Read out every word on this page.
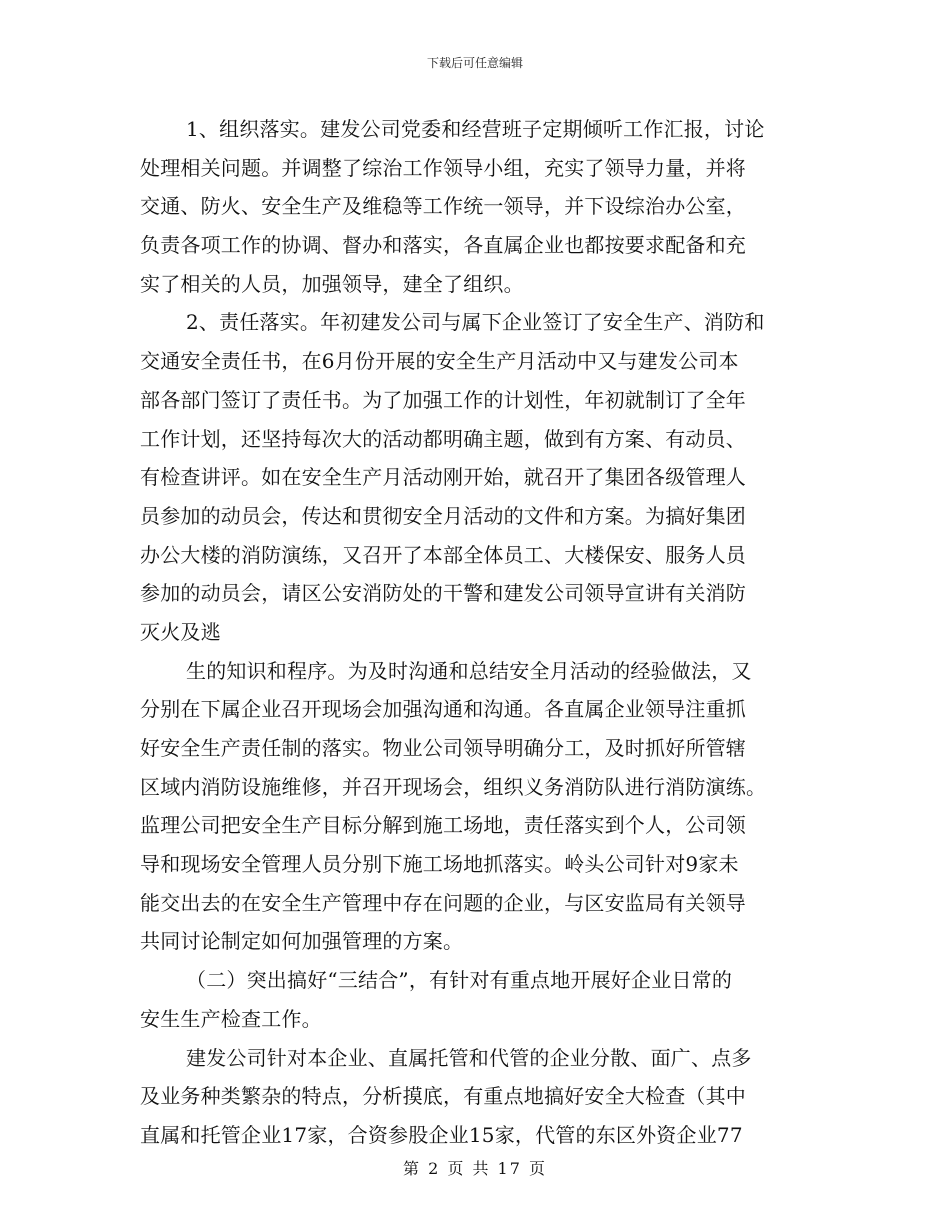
下载后可任意编辑
1、组织落实。建发公司党委和经营班子定期倾听工作汇报，讨论
处理相关问题。并调整了综治工作领导小组，充实了领导力量，并将
交通、防火、安全生产及维稳等工作统一领导，并下设综治办公室，
负责各项工作的协调、督办和落实，各直属企业也都按要求配备和充
实了相关的人员，加强领导，建全了组织。
2、责任落实。年初建发公司与属下企业签订了安全生产、消防和
交通安全责任书，在6月份开展的安全生产月活动中又与建发公司本
部各部门签订了责任书。为了加强工作的计划性，年初就制订了全年
工作计划，还坚持每次大的活动都明确主题，做到有方案、有动员、
有检查讲评。如在安全生产月活动刚开始，就召开了集团各级管理人
员参加的动员会，传达和贯彻安全月活动的文件和方案。为搞好集团
办公大楼的消防演练，又召开了本部全体员工、大楼保安、服务人员
参加的动员会，请区公安消防处的干警和建发公司领导宣讲有关消防
灭火及逃
生的知识和程序。为及时沟通和总结安全月活动的经验做法，又
分别在下属企业召开现场会加强沟通和沟通。各直属企业领导注重抓
好安全生产责任制的落实。物业公司领导明确分工，及时抓好所管辖
区域内消防设施维修，并召开现场会，组织义务消防队进行消防演练。
监理公司把安全生产目标分解到施工场地，责任落实到个人，公司领
导和现场安全管理人员分别下施工场地抓落实。岭头公司针对9家未
能交出去的在安全生产管理中存在问题的企业，与区安监局有关领导
共同讨论制定如何加强管理的方案。
（二）突出搞好“三结合”，有针对有重点地开展好企业日常的
安生生产检查工作。
建发公司针对本企业、直属托管和代管的企业分散、面广、点多
及业务种类繁杂的特点，分析摸底，有重点地搞好安全大检查（其中
直属和托管企业17家，合资参股企业15家，代管的东区外资企业77
第 2 页 共 17 页
